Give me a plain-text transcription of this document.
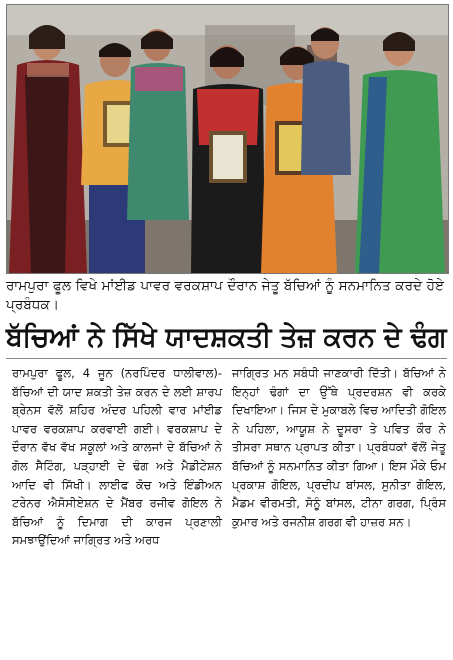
ਰਾਮਪੁਰਾ ਫੂਲ ਵਿਖੇ ਮਾਂਈਡ ਪਾਵਰ ਵਰਕਸ਼ਾਪ ਦੌਰਾਨ ਜੇਤੂ ਬੱਚਿਆਂ ਨੂੰ ਸਨਮਾਨਿਤ ਕਰਦੇ ਹੋਏ ਪ੍ਰਬੰਧਕ।

ਬੱਚਿਆਂ ਨੇ ਸਿੱਖੇ ਯਾਦਸ਼ਕਤੀ ਤੇਜ਼ ਕਰਨ ਦੇ ਢੰਗ

ਰਾਮਪੁਰਾ ਫੂਲ, 4 ਜੂਨ (ਨਰਪਿੰਦਰ ਧਾਲੀਵਾਲ)- ਬੱਚਿਆਂ ਦੀ ਯਾਦ ਸ਼ਕਤੀ ਤੇਜ਼ ਕਰਨ ਦੇ ਲਈ ਸ਼ਾਰਪ ਬ੍ਰੇਨਸ ਵੱਲੋਂ ਸ਼ਹਿਰ ਅੰਦਰ ਪਹਿਲੀ ਵਾਰ ਮਾਂਈਡ ਪਾਵਰ ਵਰਕਸ਼ਾਪ ਕਰਵਾਈ ਗਈ। ਵਰਕਸ਼ਾਪ ਦੇ ਦੌਰਾਨ ਵੱਖ ਵੱਖ ਸਕੂਲਾਂ ਅਤੇ ਕਾਲਜਾਂ ਦੇ ਬੱਚਿਆਂ ਨੇ ਗੋਲ ਸੈਟਿੰਗ, ਪੜ੍ਹਾਈ ਦੇ ਢੰਗ ਅਤੇ ਮੈਡੀਟੇਸ਼ਨ ਆਦਿ ਵੀ ਸਿੱਖੀ। ਲਾਈਫ ਕੋਚ ਅਤੇ ਇੰਡੀਅਨ ਟਰੇਨਰ ਐਸੋਸੀਏਸ਼ਨ ਦੇ ਮੈਂਬਰ ਰਜੀਵ ਗੋਇਲ ਨੇ ਬੱਚਿਆਂ ਨੂੰ ਦਿਮਾਗ ਦੀ ਕਾਰਜ ਪ੍ਰਣਾਲੀ ਸਮਝਾਉਂਦਿਆਂ ਜਾਗ੍ਰਿਤ ਅਤੇ ਅਰਧ

ਜਾਗ੍ਰਿਤ ਮਨ ਸਬੰਧੀ ਜਾਣਕਾਰੀ ਦਿੱਤੀ। ਬੱਚਿਆਂ ਨੇ ਇਨ੍ਹਾਂ ਢੰਗਾਂ ਦਾ ਉੱਥੇ ਪ੍ਰਦਰਸ਼ਨ ਵੀ ਕਰਕੇ ਦਿਖਾਇਆ। ਜਿਸ ਦੇ ਮੁਕਾਬਲੇ ਵਿਚ ਆਦਿਤੀ ਗੋਇਲ ਨੇ ਪਹਿਲਾ, ਆਯੂਸ਼ ਨੇ ਦੂਸਰਾ ਤੇ ਪਵਿਤ ਕੌਰ ਨੇ ਤੀਸਰਾ ਸਥਾਨ ਪ੍ਰਾਪਤ ਕੀਤਾ। ਪ੍ਰਬੰਧਕਾਂ ਵੱਲੋਂ ਜੇਤੂ ਬੱਚਿਆਂ ਨੂੰ ਸਨਮਾਨਿਤ ਕੀਤਾ ਗਿਆ। ਇਸ ਮੌਕੇ ਓਮ ਪ੍ਰਕਾਸ਼ ਗੋਇਲ, ਪ੍ਰਦੀਪ ਬਾਂਸਲ, ਸੁਨੀਤਾ ਗੋਇਲ, ਮੈਡਮ ਵੀਰਮਤੀ, ਸੋਨੂੰ ਬਾਂਸਲ, ਟੀਨਾ ਗਰਗ, ਪ੍ਰਿੰਸ ਕੁਮਾਰ ਅਤੇ ਰਜਨੀਸ਼ ਗਰਗ ਵੀ ਹਾਜ਼ਰ ਸਨ।
